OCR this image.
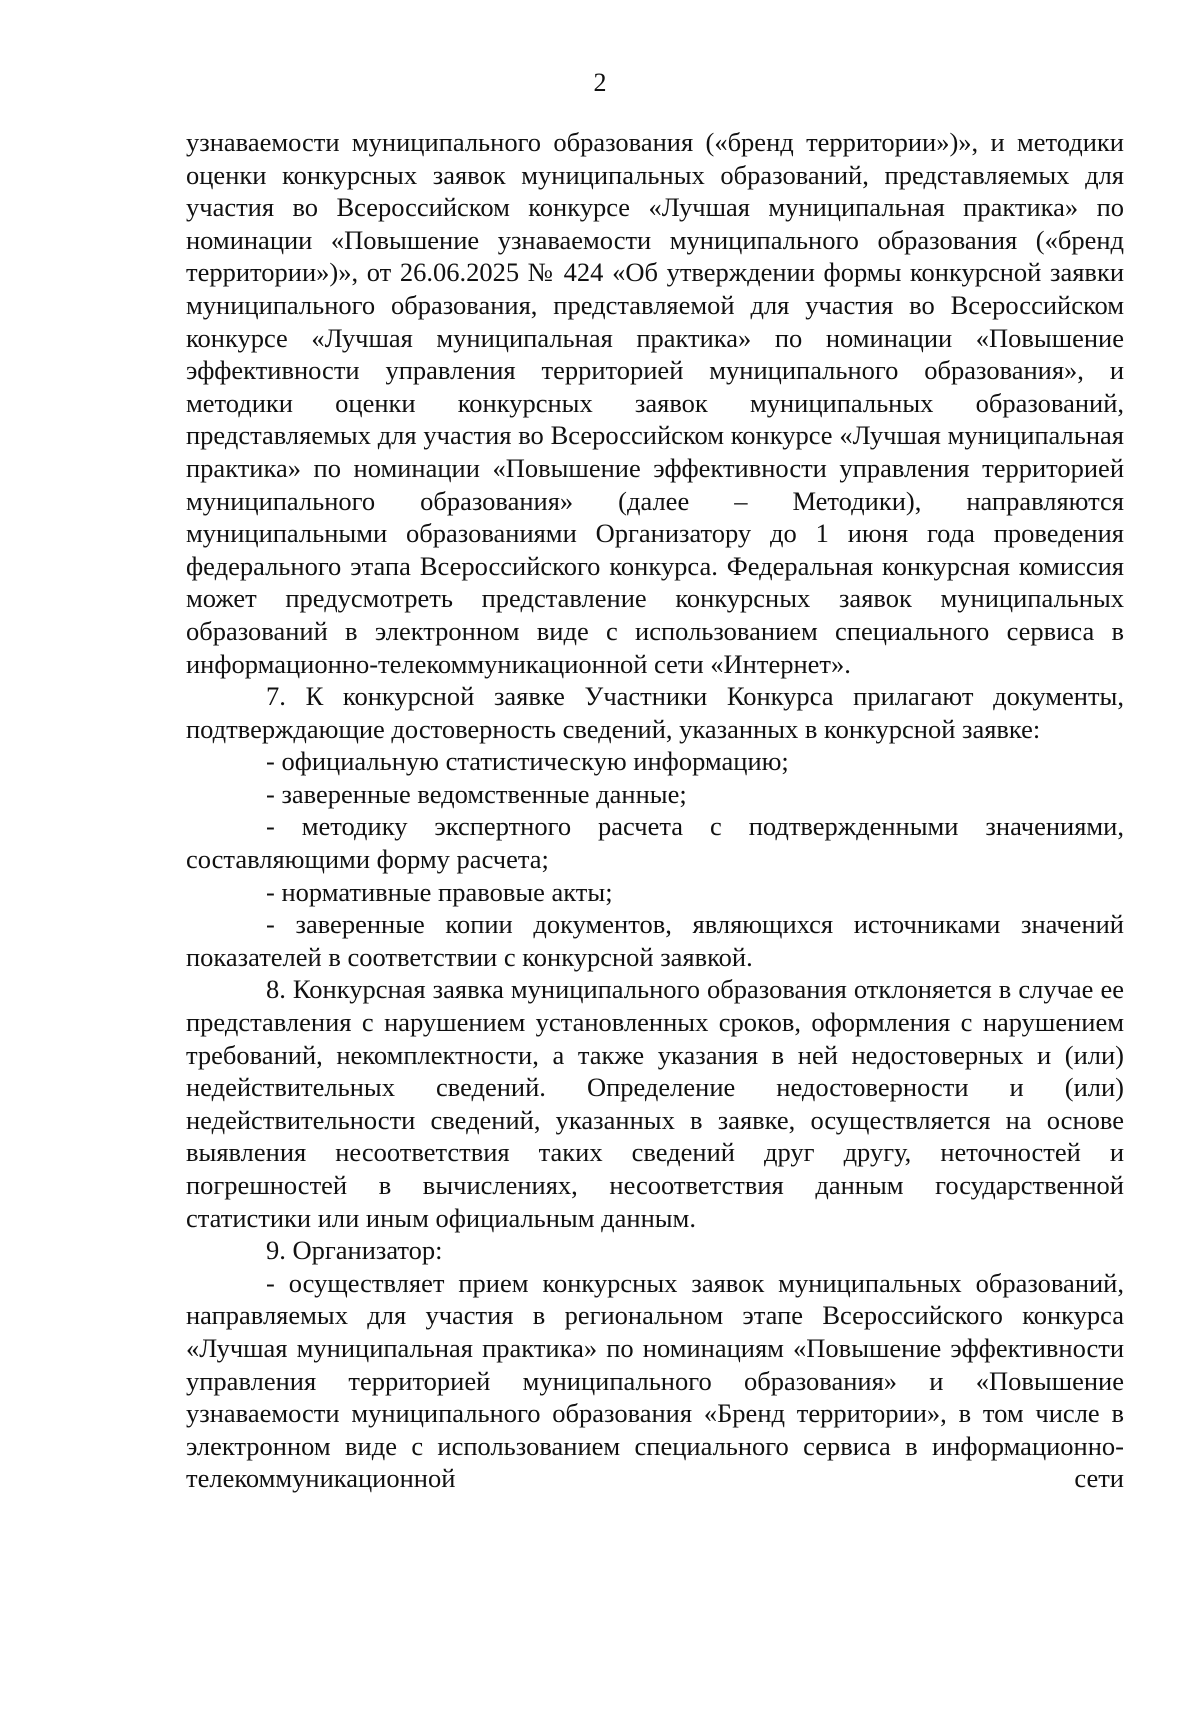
2

узнаваемости муниципального образования («бренд территории»)», и методики оценки конкурсных заявок муниципальных образований, представляемых для участия во Всероссийском конкурсе «Лучшая муниципальная практика» по номинации «Повышение узнаваемости муниципального образования («бренд территории»)», от 26.06.2025 № 424 «Об утверждении формы конкурсной заявки муниципального образования, представляемой для участия во Всероссийском конкурсе «Лучшая муниципальная практика» по номинации «Повышение эффективности управления территорией муниципального образования», и методики оценки конкурсных заявок муниципальных образований, представляемых для участия во Всероссийском конкурсе «Лучшая муниципальная практика» по номинации «Повышение эффективности управления территорией муниципального образования» (далее – Методики), направляются муниципальными образованиями Организатору до 1 июня года проведения федерального этапа Всероссийского конкурса. Федеральная конкурсная комиссия может предусмотреть представление конкурсных заявок муниципальных образований в электронном виде с использованием специального сервиса в информационно-телекоммуникационной сети «Интернет».

7. К конкурсной заявке Участники Конкурса прилагают документы, подтверждающие достоверность сведений, указанных в конкурсной заявке:

- официальную статистическую информацию;

- заверенные ведомственные данные;

- методику экспертного расчета с подтвержденными значениями, составляющими форму расчета;

- нормативные правовые акты;

- заверенные копии документов, являющихся источниками значений показателей в соответствии с конкурсной заявкой.

8. Конкурсная заявка муниципального образования отклоняется в случае ее представления с нарушением установленных сроков, оформления с нарушением требований, некомплектности, а также указания в ней недостоверных и (или) недействительных сведений. Определение недостоверности и (или) недействительности сведений, указанных в заявке, осуществляется на основе выявления несоответствия таких сведений друг другу, неточностей и погрешностей в вычислениях, несоответствия данным государственной статистики или иным официальным данным.

9. Организатор:

- осуществляет прием конкурсных заявок муниципальных образований, направляемых для участия в региональном этапе Всероссийского конкурса «Лучшая муниципальная практика» по номинациям «Повышение эффективности управления территорией муниципального образования» и «Повышение узнаваемости муниципального образования «Бренд территории», в том числе в электронном виде с использованием специального сервиса в информационно-телекоммуникационной сети
